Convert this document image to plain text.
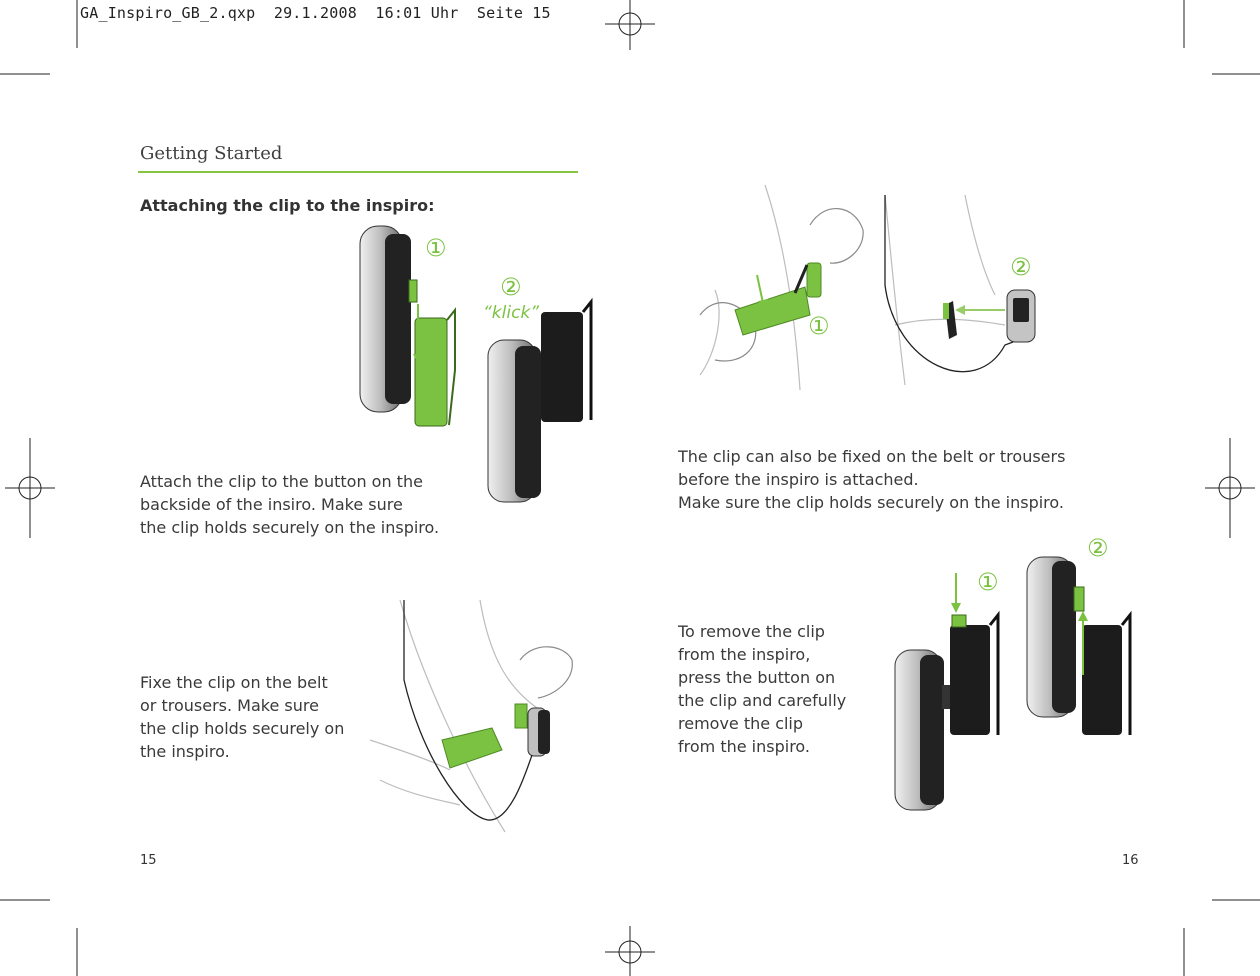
GA_Inspiro_GB_2.qxp  29.1.2008  16:01 Uhr  Seite 15
Getting Started
Attaching the clip to the inspiro:
①
②
“klick”
Attach the clip to the button on the
backside of the insiro. Make sure
the clip holds securely on the inspiro.
Fixe the clip on the belt
or trousers. Make sure
the clip holds securely on
the inspiro.
②
①
The clip can also be fixed on the belt or trousers
before the inspiro is attached.
Make sure the clip holds securely on the inspiro.
①
②
To remove the clip
from the inspiro,
press the button on
the clip and carefully
remove the clip
from the inspiro.
15	16
